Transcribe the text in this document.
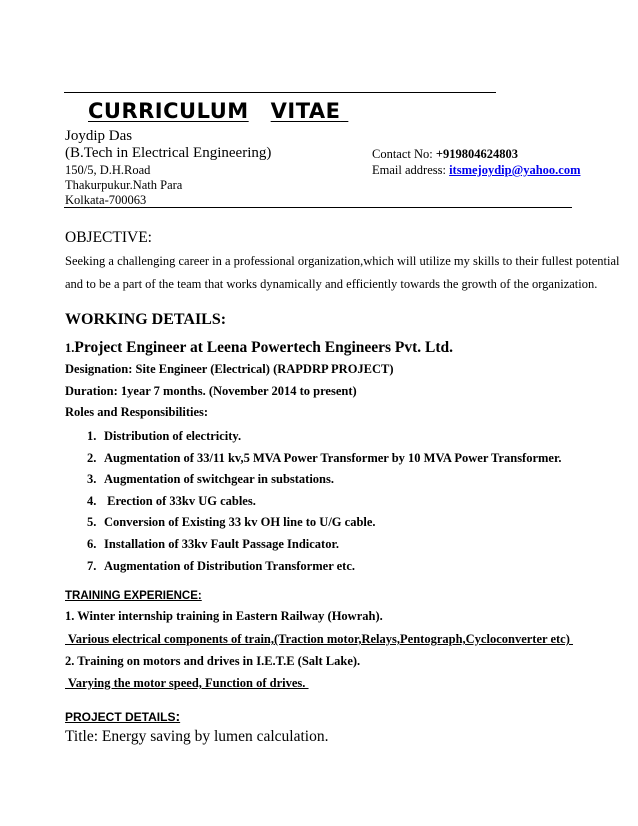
CURRICULUM VITAE
Joydip Das
(B.Tech in Electrical Engineering)	Contact No: +919804624803
150/5, D.H.Road	Email address: itsmejoydip@yahoo.com
Thakurpukur.Nath Para
Kolkata-700063
OBJECTIVE:
Seeking a challenging career in a professional organization,which will utilize my skills to their fullest potential
and to be a part of the team that works dynamically and efficiently towards the growth of the organization.
WORKING DETAILS:
1.Project Engineer at Leena Powertech Engineers Pvt. Ltd.
Designation: Site Engineer (Electrical) (RAPDRP PROJECT)
Duration: 1year 7 months. (November 2014 to present)
Roles and Responsibilities:
1. Distribution of electricity.
2. Augmentation of 33/11 kv,5 MVA Power Transformer by 10 MVA Power Transformer.
3. Augmentation of switchgear in substations.
4. Erection of 33kv UG cables.
5. Conversion of Existing 33 kv OH line to U/G cable.
6. Installation of 33kv Fault Passage Indicator.
7. Augmentation of Distribution Transformer etc.
TRAINING EXPERIENCE:
1. Winter internship training in Eastern Railway (Howrah).
Various electrical components of train,(Traction motor,Relays,Pentograph,Cycloconverter etc)
2. Training on motors and drives in I.E.T.E (Salt Lake).
Varying the motor speed, Function of drives.
PROJECT DETAILS:
Title: Energy saving by lumen calculation.
